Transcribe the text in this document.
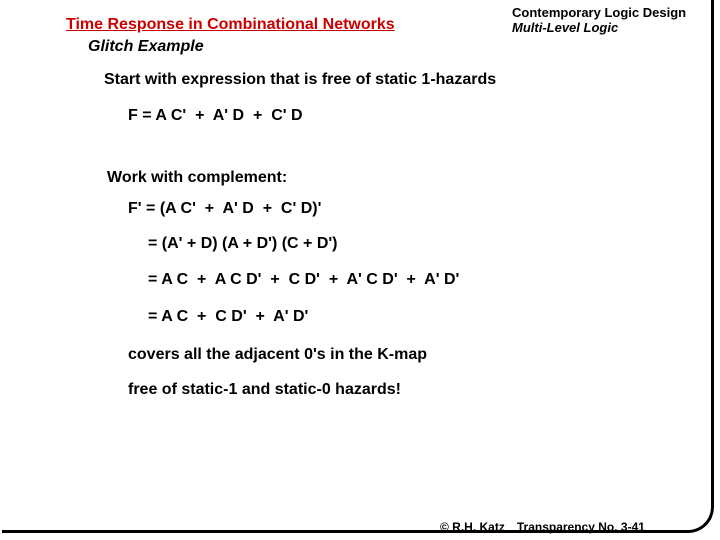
Time Response in Combinational Networks
Glitch Example
Contemporary Logic Design
Multi-Level Logic
Start with expression that is free of static 1-hazards
F = A C'  +  A' D  +  C' D
Work with complement:
F' = (A C'  +  A' D  +  C' D)'
= (A' + D) (A + D') (C + D')
= A C  +  A C D'  +  C D'  +  A' C D'  +  A' D'
= A C  +  C D'  +  A' D'
covers all the adjacent 0's in the K-map
free of static-1 and static-0 hazards!
© R.H. Katz Transparency No. 3-41
